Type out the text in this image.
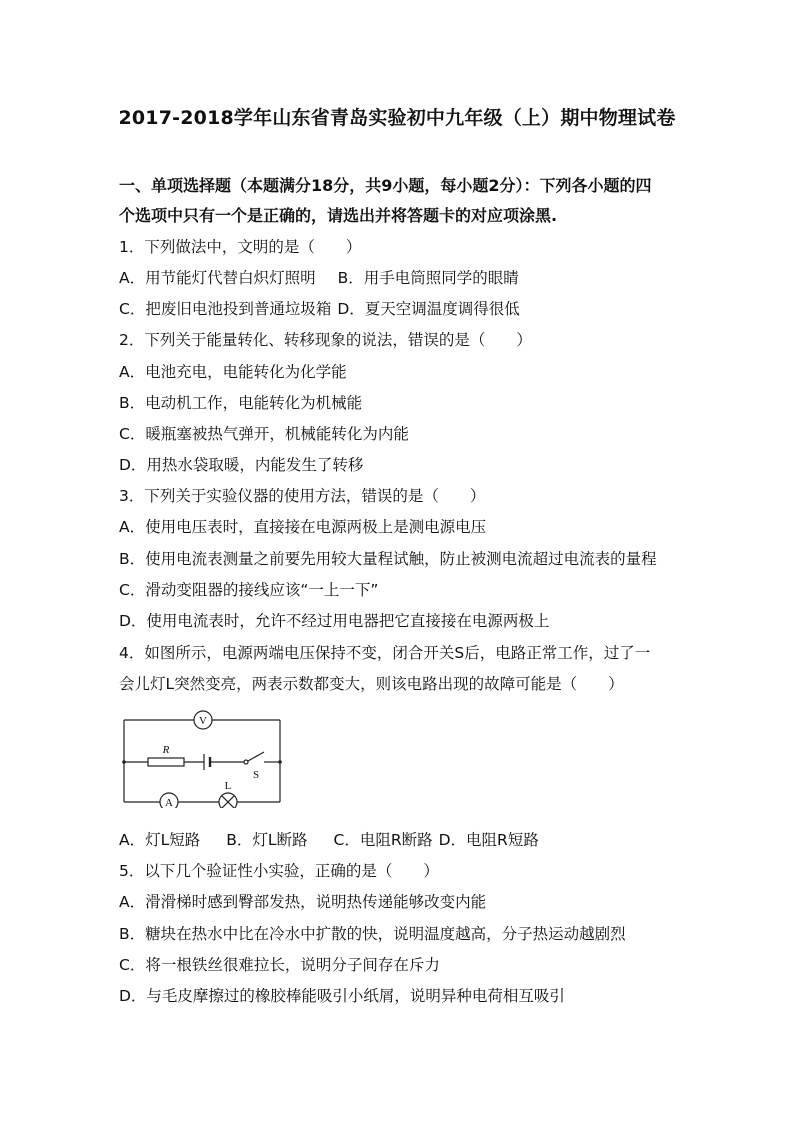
2017-2018学年山东省青岛实验初中九年级（上）期中物理试卷
一、单项选择题（本题满分18分，共9小题，每小题2分）：下列各小题的四
个选项中只有一个是正确的，请选出并将答题卡的对应项涂黑.
1．下列做法中，文明的是（　　）
A．用节能灯代替白炽灯照明 B．用手电筒照同学的眼睛
C．把废旧电池投到普通垃圾箱 D．夏天空调温度调得很低
2．下列关于能量转化、转移现象的说法，错误的是（　　）
A．电池充电，电能转化为化学能
B．电动机工作，电能转化为机械能
C．暖瓶塞被热气弹开，机械能转化为内能
D．用热水袋取暖，内能发生了转移
3．下列关于实验仪器的使用方法，错误的是（　　）
A．使用电压表时，直接接在电源两极上是测电源电压
B．使用电流表测量之前要先用较大量程试触，防止被测电流超过电流表的量程
C．滑动变阻器的接线应该“一上一下”
D．使用电流表时，允许不经过用电器把它直接接在电源两极上
4．如图所示，电源两端电压保持不变，闭合开关S后，电路正常工作，过了一
会儿灯L突然变亮，两表示数都变大，则该电路出现的故障可能是（　　）
V
R
S
L
A
A．灯L短路 B．灯L断路 C．电阻R断路 D．电阻R短路
5．以下几个验证性小实验，正确的是（　　）
A．滑滑梯时感到臀部发热，说明热传递能够改变内能
B．糖块在热水中比在冷水中扩散的快，说明温度越高，分子热运动越剧烈
C．将一根铁丝很难拉长，说明分子间存在斥力
D．与毛皮摩擦过的橡胶棒能吸引小纸屑，说明异种电荷相互吸引
